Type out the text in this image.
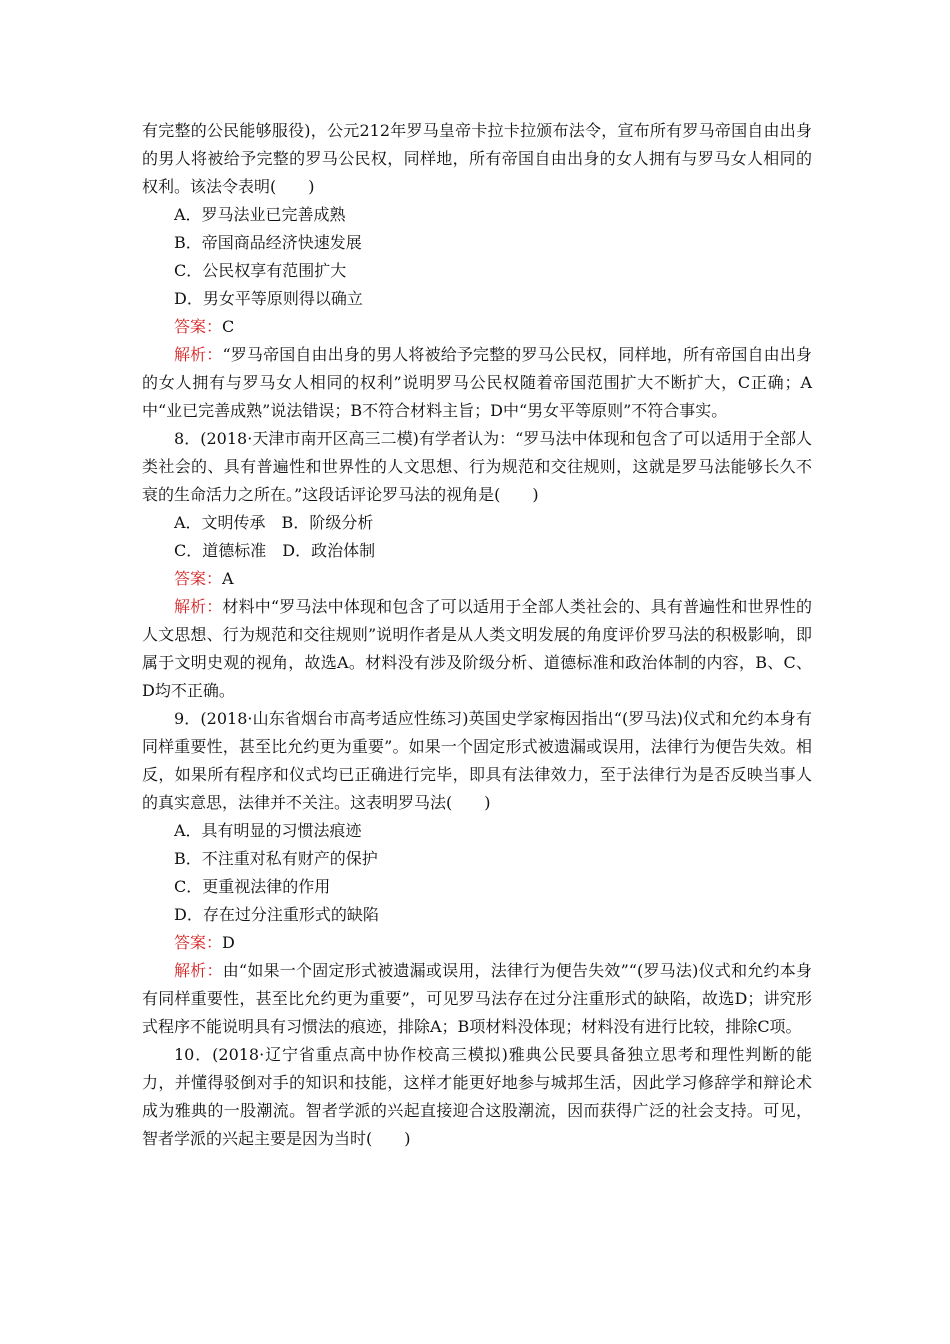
有完整的公民能够服役)，公元212年罗马皇帝卡拉卡拉颁布法令，宣布所有罗马帝国自由出身的男人将被给予完整的罗马公民权，同样地，所有帝国自由出身的女人拥有与罗马女人相同的权利。该法令表明(　　)

A．罗马法业已完善成熟

B．帝国商品经济快速发展

C．公民权享有范围扩大

D．男女平等原则得以确立

答案：C

解析：“罗马帝国自由出身的男人将被给予完整的罗马公民权，同样地，所有帝国自由出身的女人拥有与罗马女人相同的权利”说明罗马公民权随着帝国范围扩大不断扩大，C正确；A中“业已完善成熟”说法错误；B不符合材料主旨；D中“男女平等原则”不符合事实。

8．(2018·天津市南开区高三二模)有学者认为：“罗马法中体现和包含了可以适用于全部人类社会的、具有普遍性和世界性的人文思想、行为规范和交往规则，这就是罗马法能够长久不衰的生命活力之所在。”这段话评论罗马法的视角是(　　)

A．文明传承　B．阶级分析

C．道德标准　D．政治体制

答案：A

解析：材料中“罗马法中体现和包含了可以适用于全部人类社会的、具有普遍性和世界性的人文思想、行为规范和交往规则”说明作者是从人类文明发展的角度评价罗马法的积极影响，即属于文明史观的视角，故选A。材料没有涉及阶级分析、道德标准和政治体制的内容，B、C、D均不正确。

9．(2018·山东省烟台市高考适应性练习)英国史学家梅因指出“(罗马法)仪式和允约本身有同样重要性，甚至比允约更为重要”。如果一个固定形式被遗漏或误用，法律行为便告失效。相反，如果所有程序和仪式均已正确进行完毕，即具有法律效力，至于法律行为是否反映当事人的真实意思，法律并不关注。这表明罗马法(　　)

A．具有明显的习惯法痕迹

B．不注重对私有财产的保护

C．更重视法律的作用

D．存在过分注重形式的缺陷

答案：D

解析：由“如果一个固定形式被遗漏或误用，法律行为便告失效”“(罗马法)仪式和允约本身有同样重要性，甚至比允约更为重要”，可见罗马法存在过分注重形式的缺陷，故选D；讲究形式程序不能说明具有习惯法的痕迹，排除A；B项材料没体现；材料没有进行比较，排除C项。

10．(2018·辽宁省重点高中协作校高三模拟)雅典公民要具备独立思考和理性判断的能力，并懂得驳倒对手的知识和技能，这样才能更好地参与城邦生活，因此学习修辞学和辩论术成为雅典的一股潮流。智者学派的兴起直接迎合这股潮流，因而获得广泛的社会支持。可见，智者学派的兴起主要是因为当时(　　)
